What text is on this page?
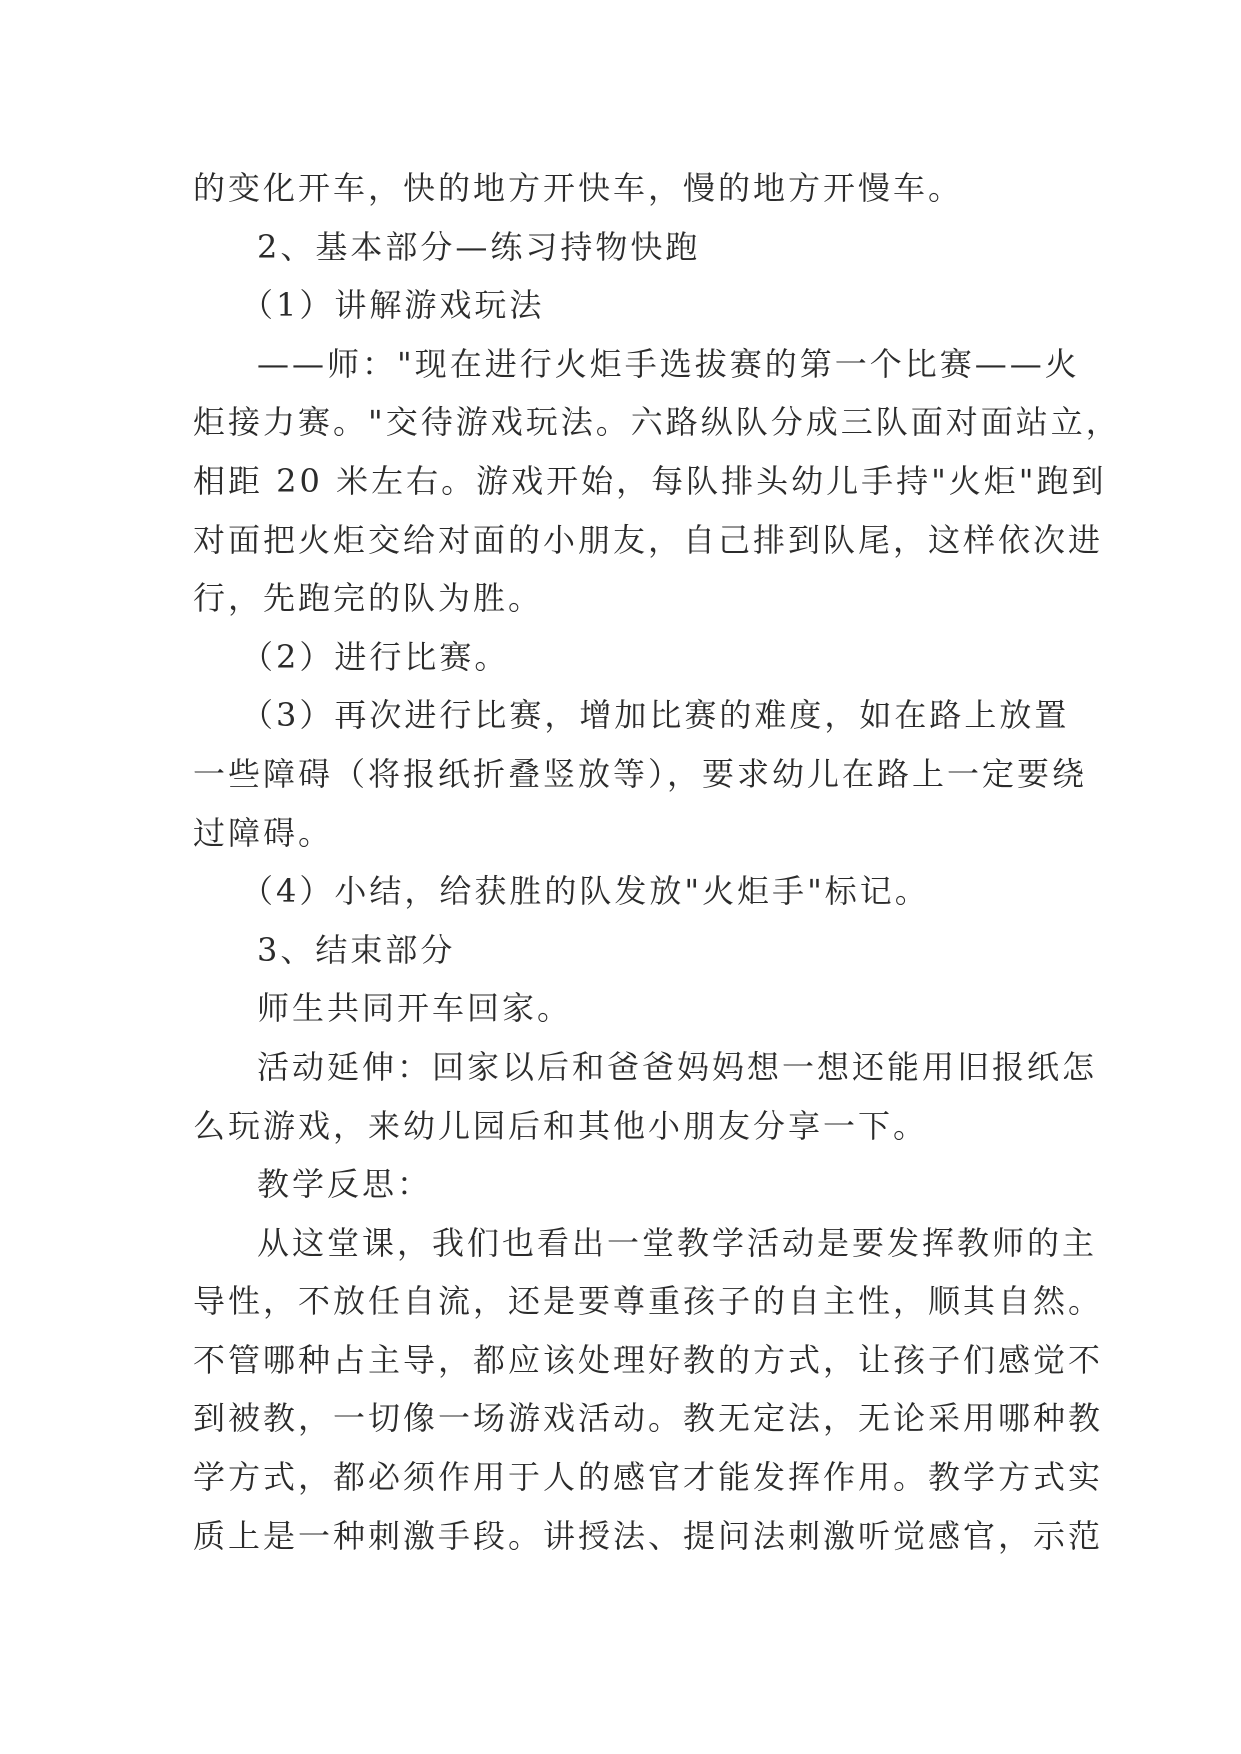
的变化开车，快的地方开快车，慢的地方开慢车。
2、基本部分—练习持物快跑
（1）讲解游戏玩法
——师："现在进行火炬手选拔赛的第一个比赛——火
炬接力赛。"交待游戏玩法。六路纵队分成三队面对面站立，
相距 20 米左右。游戏开始，每队排头幼儿手持"火炬"跑到
对面把火炬交给对面的小朋友，自己排到队尾，这样依次进
行，先跑完的队为胜。
（2）进行比赛。
（3）再次进行比赛，增加比赛的难度，如在路上放置
一些障碍（将报纸折叠竖放等），要求幼儿在路上一定要绕
过障碍。
（4）小结，给获胜的队发放"火炬手"标记。
3、结束部分
师生共同开车回家。
活动延伸：回家以后和爸爸妈妈想一想还能用旧报纸怎
么玩游戏，来幼儿园后和其他小朋友分享一下。
教学反思：
从这堂课，我们也看出一堂教学活动是要发挥教师的主
导性，不放任自流，还是要尊重孩子的自主性，顺其自然。
不管哪种占主导，都应该处理好教的方式，让孩子们感觉不
到被教，一切像一场游戏活动。教无定法，无论采用哪种教
学方式，都必须作用于人的感官才能发挥作用。教学方式实
质上是一种刺激手段。讲授法、提问法刺激听觉感官，示范
